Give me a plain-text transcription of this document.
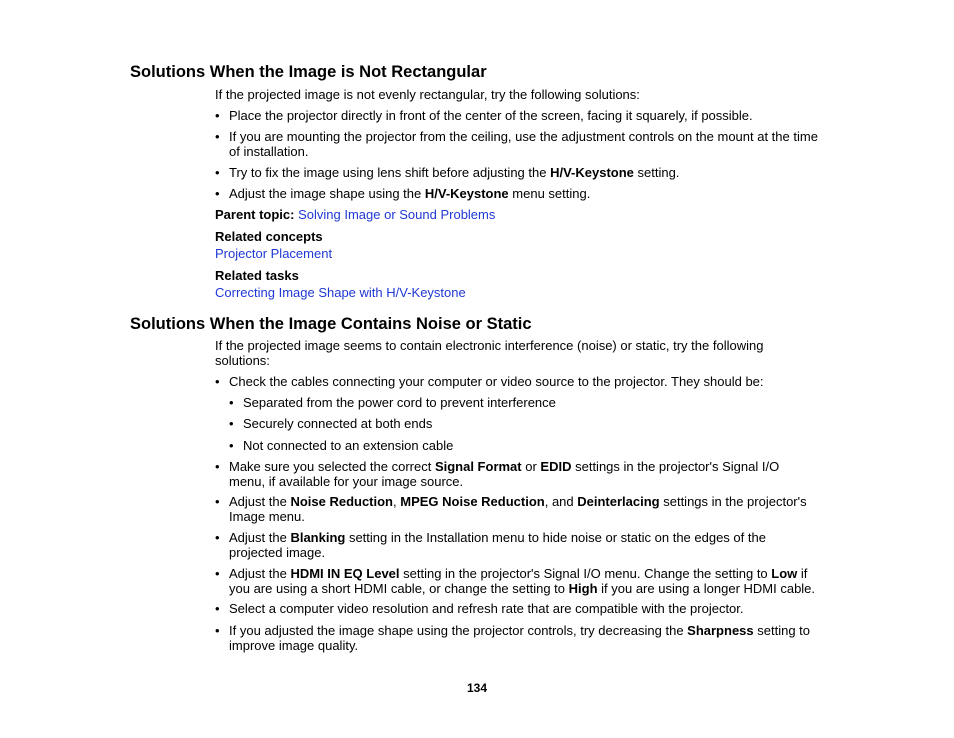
Solutions When the Image is Not Rectangular

If the projected image is not evenly rectangular, try the following solutions:

• Place the projector directly in front of the center of the screen, facing it squarely, if possible.
• If you are mounting the projector from the ceiling, use the adjustment controls on the mount at the time of installation.
• Try to fix the image using lens shift before adjusting the H/V-Keystone setting.
• Adjust the image shape using the H/V-Keystone menu setting.

Parent topic: Solving Image or Sound Problems

Related concepts

Projector Placement

Related tasks

Correcting Image Shape with H/V-Keystone

Solutions When the Image Contains Noise or Static

If the projected image seems to contain electronic interference (noise) or static, try the following solutions:

• Check the cables connecting your computer or video source to the projector. They should be:
• Separated from the power cord to prevent interference
• Securely connected at both ends
• Not connected to an extension cable
• Make sure you selected the correct Signal Format or EDID settings in the projector's Signal I/O menu, if available for your image source.
• Adjust the Noise Reduction, MPEG Noise Reduction, and Deinterlacing settings in the projector's Image menu.
• Adjust the Blanking setting in the Installation menu to hide noise or static on the edges of the projected image.
• Adjust the HDMI IN EQ Level setting in the projector's Signal I/O menu. Change the setting to Low if you are using a short HDMI cable, or change the setting to High if you are using a longer HDMI cable.
• Select a computer video resolution and refresh rate that are compatible with the projector.
• If you adjusted the image shape using the projector controls, try decreasing the Sharpness setting to improve image quality.
134
